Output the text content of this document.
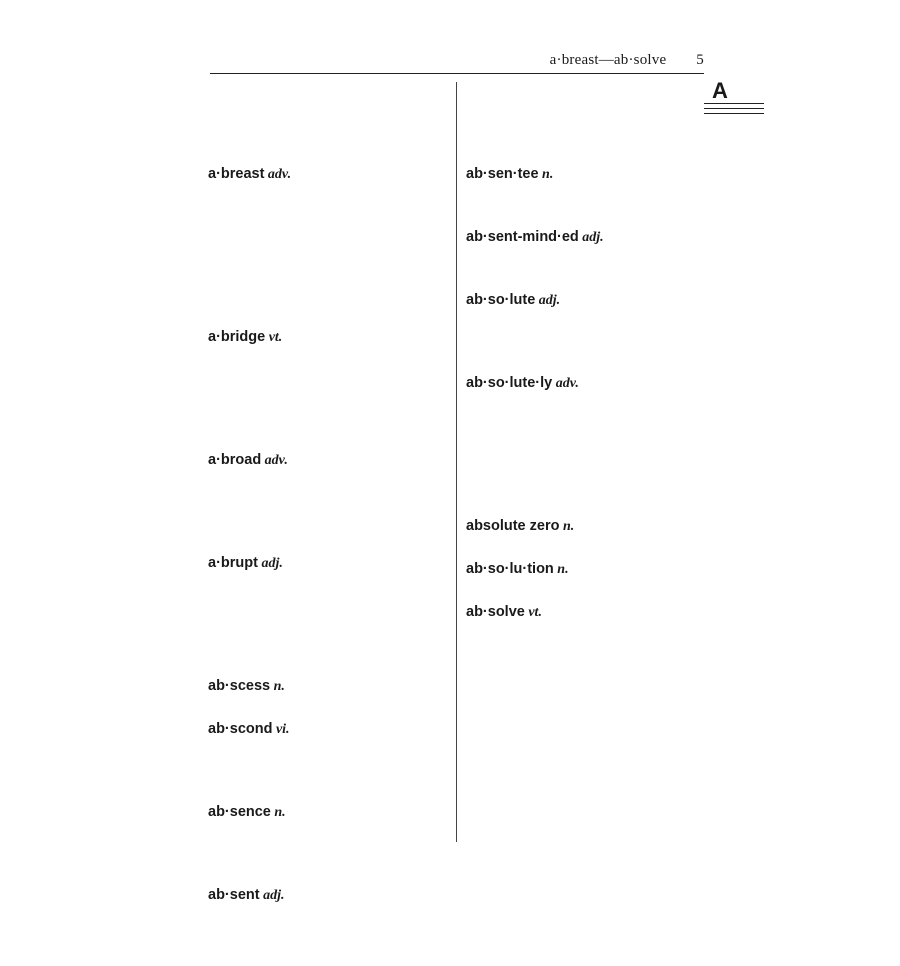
a·breast—ab·solve 5
A
a·breast adv.
a·bridge vt.
a·broad adv.
a·brupt adj.
ab·scess n.
ab·scond vi.
ab·sence n.
ab·sent adj.
ab·sen·tee n.
ab·sent-mind·ed adj.
ab·so·lute adj.
ab·so·lute·ly adv.
absolute zero n.
ab·so·lu·tion n.
ab·solve vt.
